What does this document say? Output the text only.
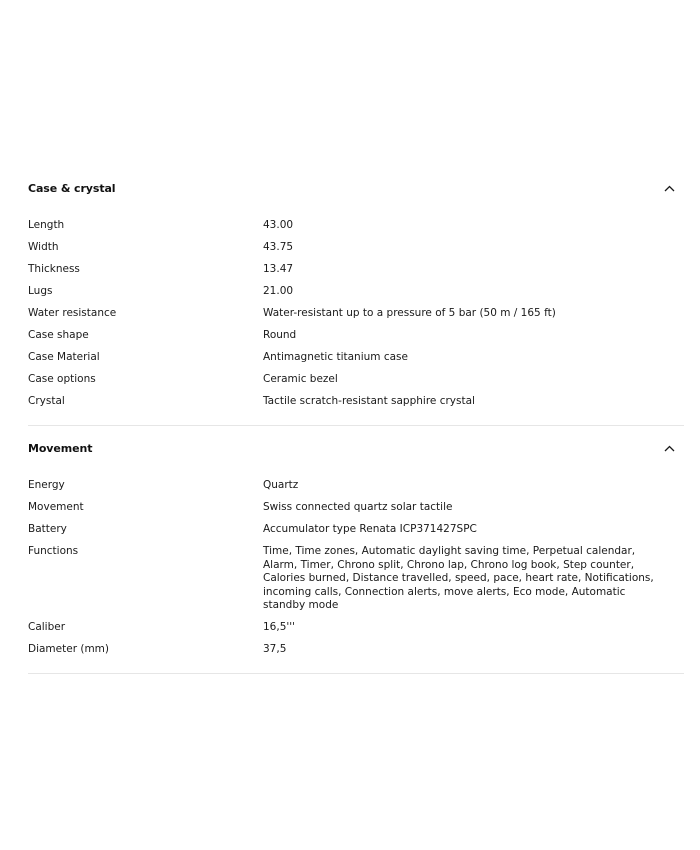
Case & crystal
Length	43.00
Width	43.75
Thickness	13.47
Lugs	21.00
Water resistance	Water-resistant up to a pressure of 5 bar (50 m / 165 ft)
Case shape	Round
Case Material	Antimagnetic titanium case
Case options	Ceramic bezel
Crystal	Tactile scratch-resistant sapphire crystal
Movement
Energy	Quartz
Movement	Swiss connected quartz solar tactile
Battery	Accumulator type Renata ICP371427SPC
Functions	Time, Time zones, Automatic daylight saving time, Perpetual calendar, Alarm, Timer, Chrono split, Chrono lap, Chrono log book, Step counter, Calories burned, Distance travelled, speed, pace, heart rate, Notifications, incoming calls, Connection alerts, move alerts, Eco mode, Automatic standby mode
Caliber	16,5'''
Diameter (mm)	37,5
